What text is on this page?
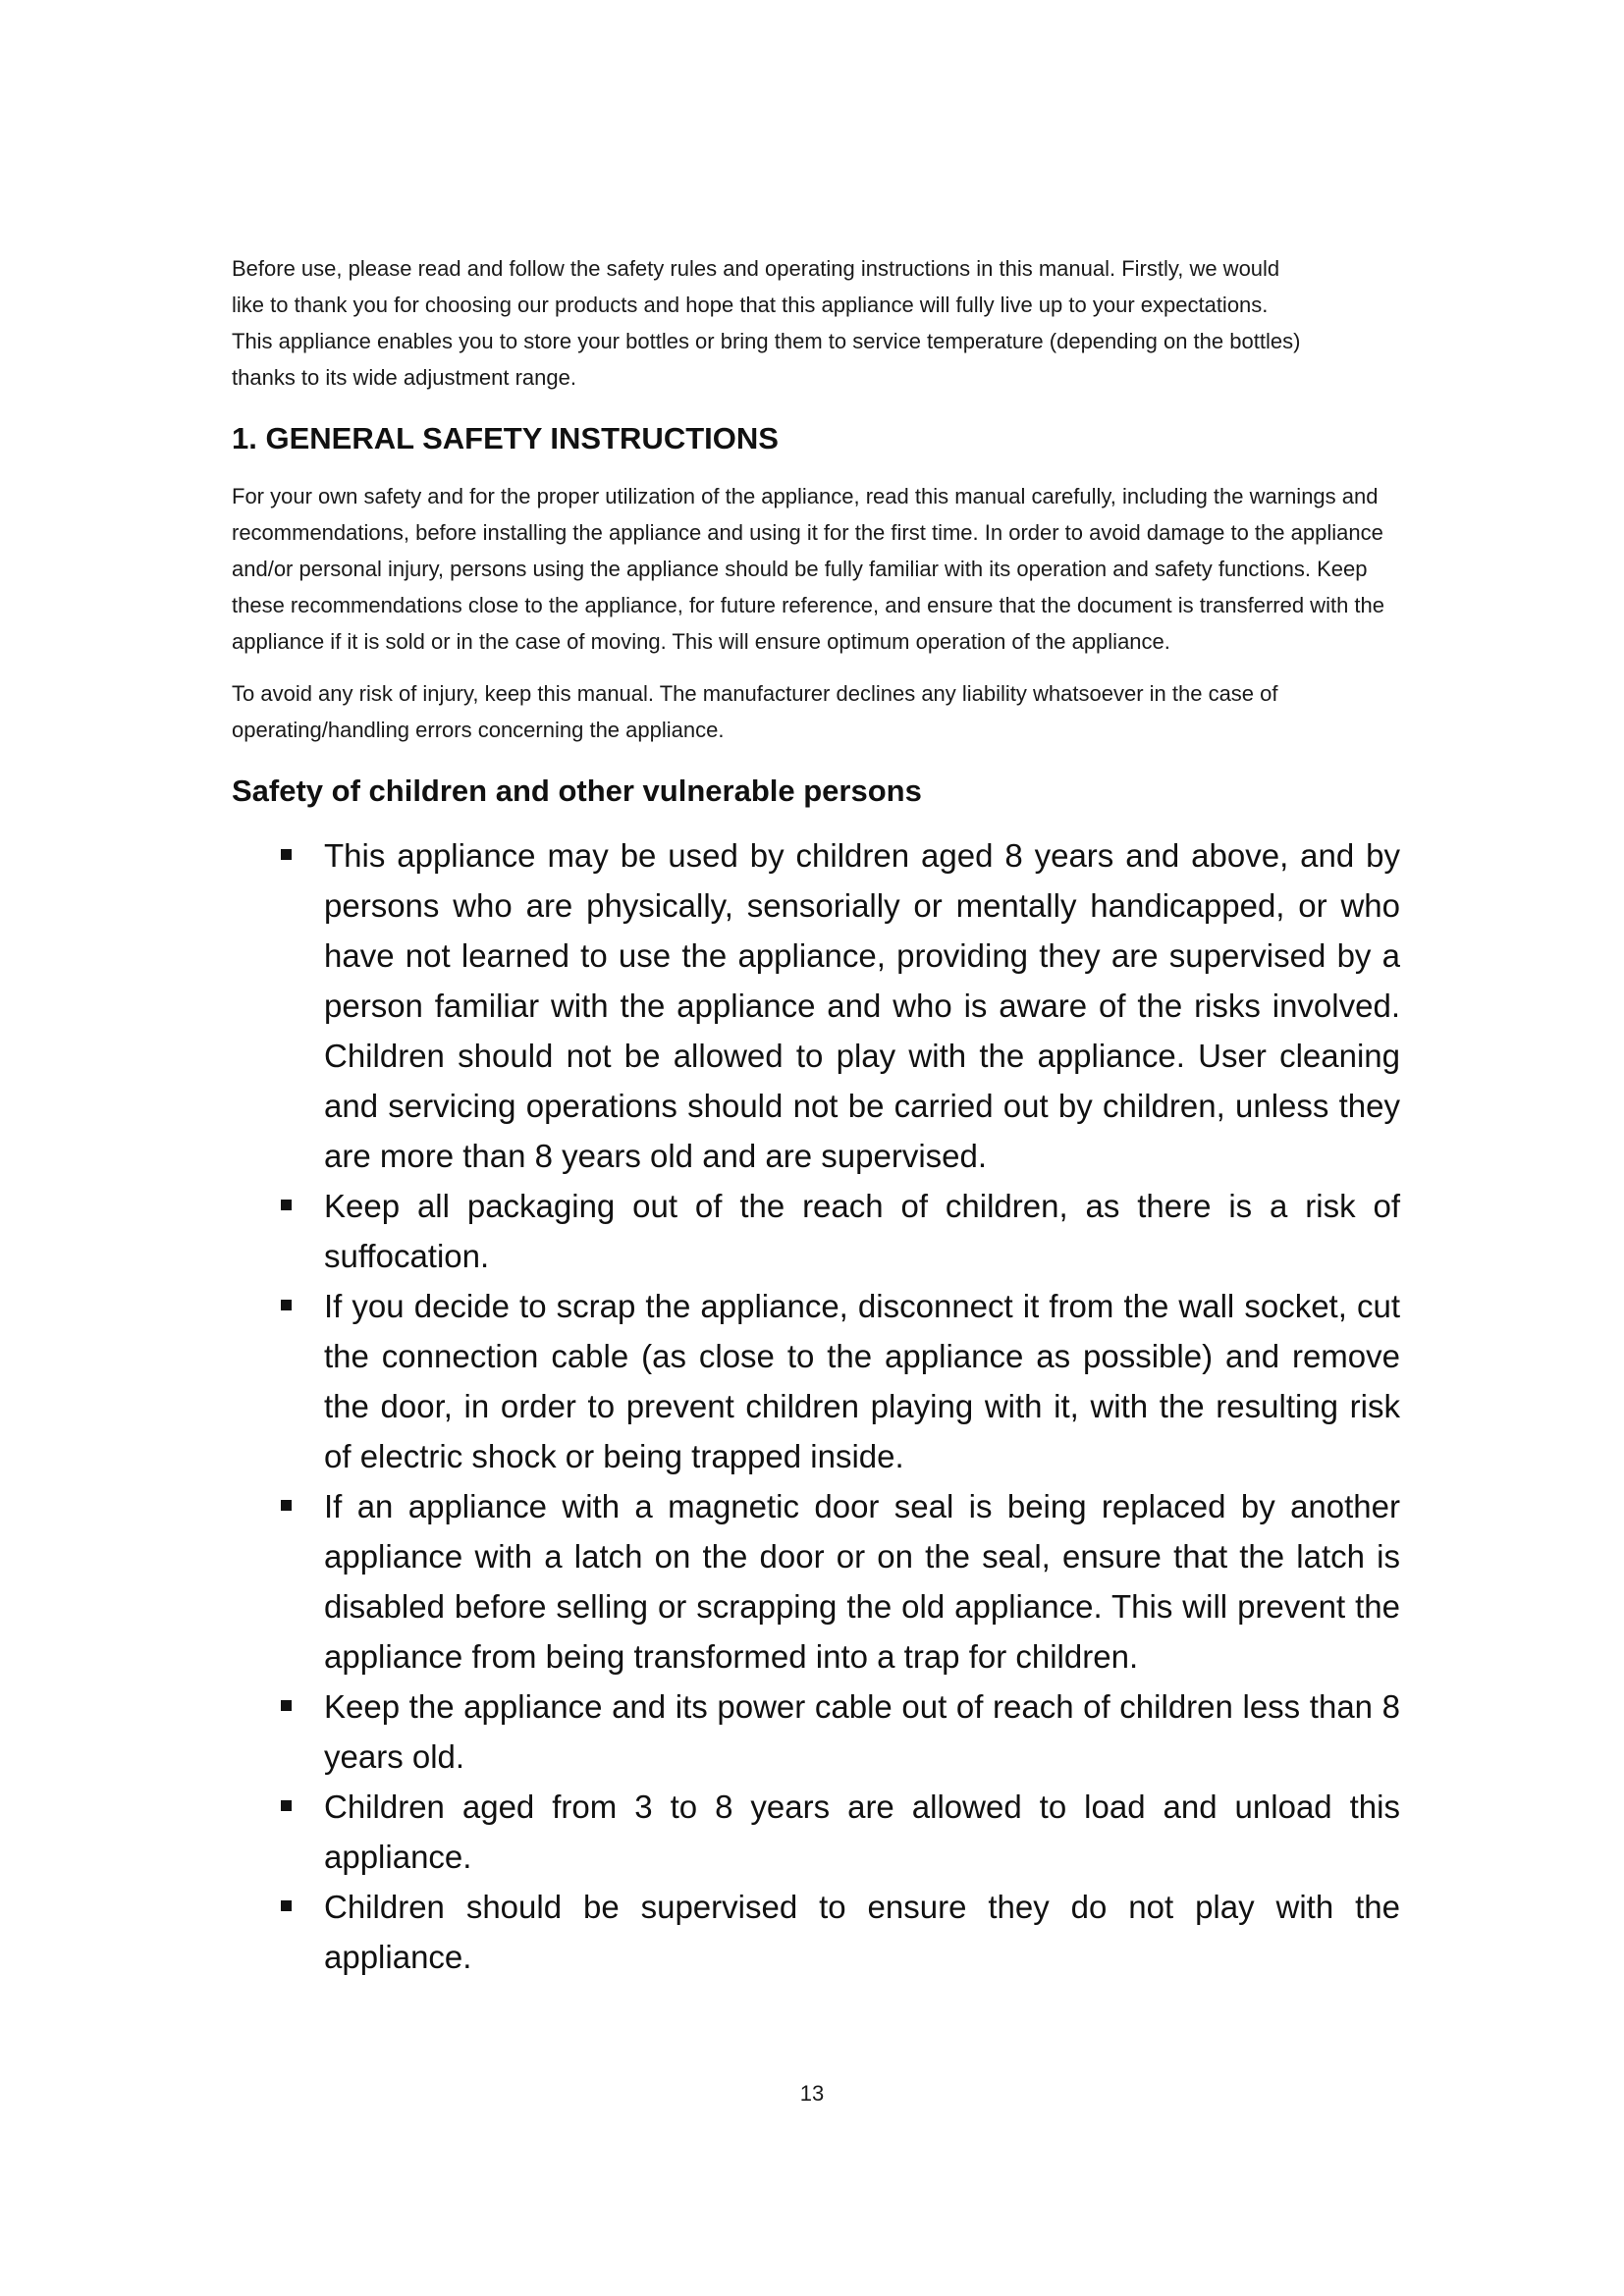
Before use, please read and follow the safety rules and operating instructions in this manual. Firstly, we would

like to thank you for choosing our products and hope that this appliance will fully live up to your expectations.

This appliance enables you to store your bottles or bring them to service temperature (depending on the bottles)

thanks to its wide adjustment range.

1. GENERAL SAFETY INSTRUCTIONS

For your own safety and for the proper utilization of the appliance, read this manual carefully, including the warnings and recommendations, before installing the appliance and using it for the first time. In order to avoid damage to the appliance and/or personal injury, persons using the appliance should be fully familiar with its operation and safety functions. Keep these recommendations close to the appliance, for future reference, and ensure that the document is transferred with the appliance if it is sold or in the case of moving. This will ensure optimum operation of the appliance.

To avoid any risk of injury, keep this manual. The manufacturer declines any liability whatsoever in the case of operating/handling errors concerning the appliance.

Safety of children and other vulnerable persons
This appliance may be used by children aged 8 years and above, and by persons who are physically, sensorially or mentally handicapped, or who have not learned to use the appliance, providing they are supervised by a person familiar with the appliance and who is aware of the risks involved. Children should not be allowed to play with the appliance. User cleaning and servicing operations should not be carried out by children, unless they are more than 8 years old and are supervised.
Keep all packaging out of the reach of children, as there is a risk of suffocation.
If you decide to scrap the appliance, disconnect it from the wall socket, cut the connection cable (as close to the appliance as possible) and remove the door, in order to prevent children playing with it, with the resulting risk of electric shock or being trapped inside.
If an appliance with a magnetic door seal is being replaced by another appliance with a latch on the door or on the seal, ensure that the latch is disabled before selling or scrapping the old appliance. This will prevent the appliance from being transformed into a trap for children.
Keep the appliance and its power cable out of reach of children less than 8 years old.
Children aged from 3 to 8 years are allowed to load and unload this appliance.
Children should be supervised to ensure they do not play with the appliance.
13
